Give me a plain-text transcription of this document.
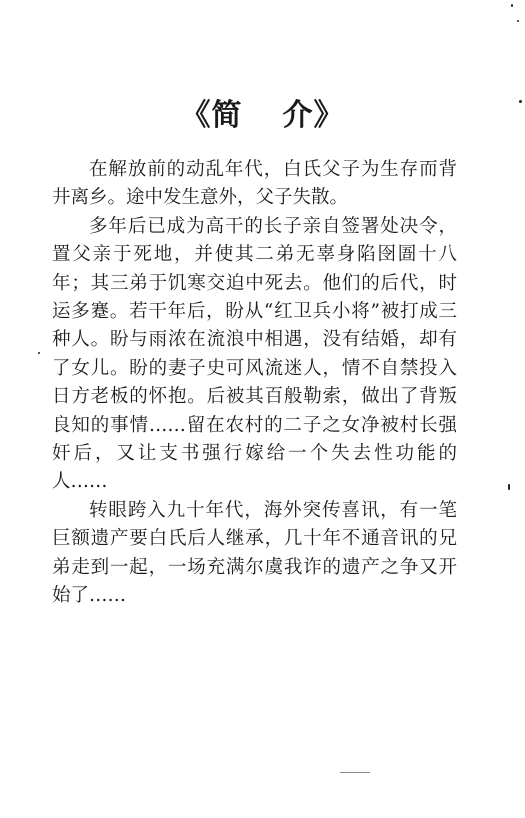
《简 介》

在解放前的动乱年代，白氏父子为生存而背井离乡。途中发生意外，父子失散。

多年后已成为高干的长子亲自签署处决令，置父亲于死地，并使其二弟无辜身陷囹圄十八年；其三弟于饥寒交迫中死去。他们的后代，时运多蹇。若干年后，盼从“红卫兵小将”被打成三种人。盼与雨浓在流浪中相遇，没有结婚，却有了女儿。盼的妻子史可风流迷人，情不自禁投入日方老板的怀抱。后被其百般勒索，做出了背叛良知的事情……留在农村的二子之女净被村长强奸后，又让支书强行嫁给一个失去性功能的人……

转眼跨入九十年代，海外突传喜讯，有一笔巨额遗产要白氏后人继承，几十年不通音讯的兄弟走到一起，一场充满尔虞我诈的遗产之争又开始了……
